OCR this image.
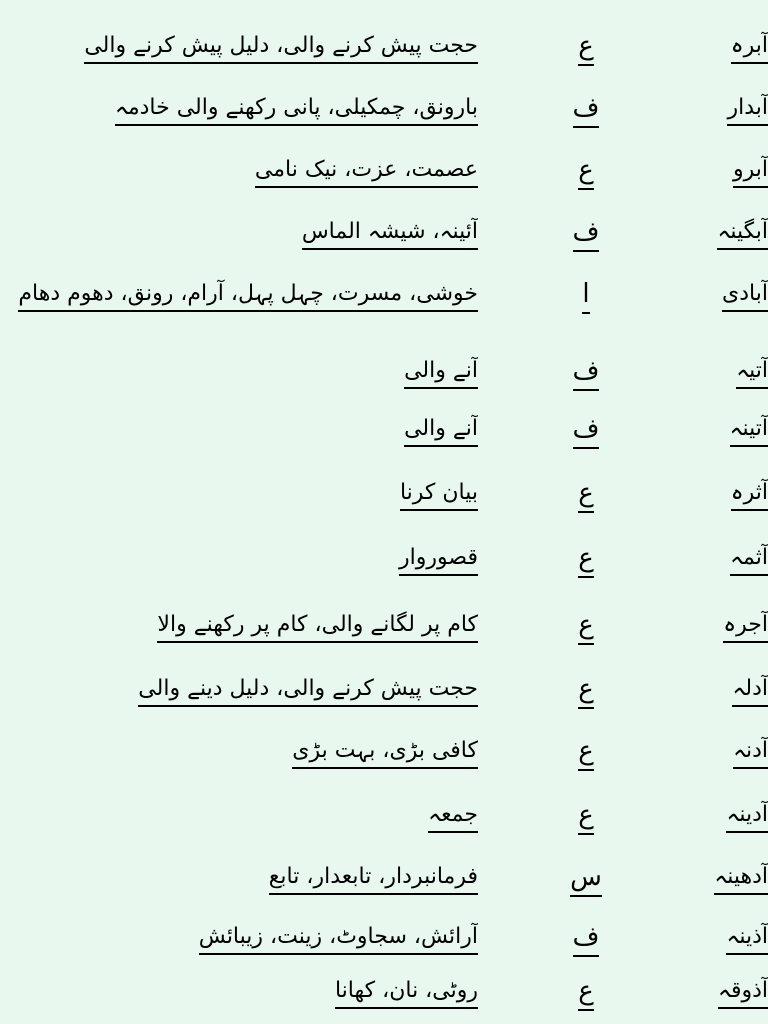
حجت پیش کرنے والی، دلیل پیش کرنے والی	ع	آبرہ
بارونق، چمکیلی، پانی رکھنے والی خادمہ	ف	آبدار
عصمت، عزت، نیک نامی	ع	آبرو
آئینہ، شیشہ الماس	ف	آبگینہ
خوشی، مسرت، چہل پہل، آرام، رونق، دھوم دھام	ا	آبادی
آنے والی	ف	آتیہ
آنے والی	ف	آتینہ
بیان کرنا	ع	آثرہ
قصوروار	ع	آثمہ
کام پر لگانے والی، کام پر رکھنے والا	ع	آجرہ
حجت پیش کرنے والی، دلیل دینے والی	ع	آدلہ
کافی بڑی، بہت بڑی	ع	آدنہ
جمعہ	ع	آدینہ
فرمانبردار، تابعدار، تابع	س	آدھینہ
آرائش، سجاوٹ، زینت، زیبائش	ف	آذینہ
روٹی، نان، کھانا	ع	آذوقہ
